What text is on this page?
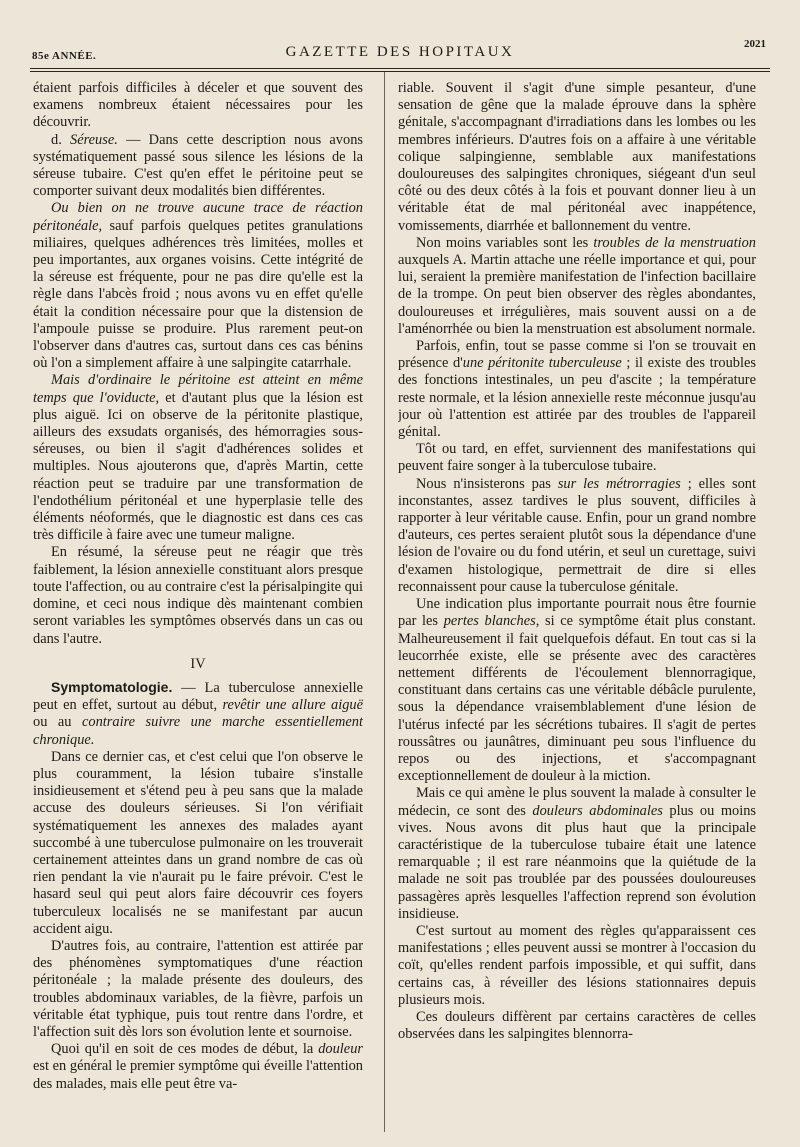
85e ANNÉE.	GAZETTE DES HOPITAUX	2021

étaient parfois difficiles à déceler et que souvent des examens nombreux étaient nécessaires pour les découvrir.

d. Séreuse. — Dans cette description nous avons systématiquement passé sous silence les lésions de la séreuse tubaire. C'est qu'en effet le péritoine peut se comporter suivant deux modalités bien différentes.

Ou bien on ne trouve aucune trace de réaction péritonéale, sauf parfois quelques petites granulations miliaires, quelques adhérences très limitées, molles et peu importantes, aux organes voisins. Cette intégrité de la séreuse est fréquente, pour ne pas dire qu'elle est la règle dans l'abcès froid ; nous avons vu en effet qu'elle était la condition nécessaire pour que la distension de l'ampoule puisse se produire. Plus rarement peut-on l'observer dans d'autres cas, surtout dans ces cas bénins où l'on a simplement affaire à une salpingite catarrhale.

Mais d'ordinaire le péritoine est atteint en même temps que l'oviducte, et d'autant plus que la lésion est plus aiguë. Ici on observe de la péritonite plastique, ailleurs des exsudats organisés, des hémorragies sous-séreuses, ou bien il s'agit d'adhérences solides et multiples. Nous ajouterons que, d'après Martin, cette réaction peut se traduire par une transformation de l'endothélium péritonéal et une hyperplasie telle des éléments néoformés, que le diagnostic est dans ces cas très difficile à faire avec une tumeur maligne.

En résumé, la séreuse peut ne réagir que très faiblement, la lésion annexielle constituant alors presque toute l'affection, ou au contraire c'est la périsalpingite qui domine, et ceci nous indique dès maintenant combien seront variables les symptômes observés dans un cas ou dans l'autre.

IV

Symptomatologie. — La tuberculose annexielle peut en effet, surtout au début, revêtir une allure aiguë ou au contraire suivre une marche essentiellement chronique.

Dans ce dernier cas, et c'est celui que l'on observe le plus couramment, la lésion tubaire s'installe insidieusement et s'étend peu à peu sans que la malade accuse des douleurs sérieuses. Si l'on vérifiait systématiquement les annexes des malades ayant succombé à une tuberculose pulmonaire on les trouverait certainement atteintes dans un grand nombre de cas où rien pendant la vie n'aurait pu le faire prévoir. C'est le hasard seul qui peut alors faire découvrir ces foyers tuberculeux localisés ne se manifestant par aucun accident aigu.

D'autres fois, au contraire, l'attention est attirée par des phénomènes symptomatiques d'une réaction péritonéale ; la malade présente des douleurs, des troubles abdominaux variables, de la fièvre, parfois un véritable état typhique, puis tout rentre dans l'ordre, et l'affection suit dès lors son évolution lente et sournoise.

Quoi qu'il en soit de ces modes de début, la douleur est en général le premier symptôme qui éveille l'attention des malades, mais elle peut être va-

riable. Souvent il s'agit d'une simple pesanteur, d'une sensation de gêne que la malade éprouve dans la sphère génitale, s'accompagnant d'irradiations dans les lombes ou les membres inférieurs. D'autres fois on a affaire à une véritable colique salpingienne, semblable aux manifestations douloureuses des salpingites chroniques, siégeant d'un seul côté ou des deux côtés à la fois et pouvant donner lieu à un véritable état de mal péritonéal avec inappétence, vomissements, diarrhée et ballonnement du ventre.

Non moins variables sont les troubles de la menstruation auxquels A. Martin attache une réelle importance et qui, pour lui, seraient la première manifestation de l'infection bacillaire de la trompe. On peut bien observer des règles abondantes, douloureuses et irrégulières, mais souvent aussi on a de l'aménorrhée ou bien la menstruation est absolument normale.

Parfois, enfin, tout se passe comme si l'on se trouvait en présence d'une péritonite tuberculeuse ; il existe des troubles des fonctions intestinales, un peu d'ascite ; la température reste normale, et la lésion annexielle reste méconnue jusqu'au jour où l'attention est attirée par des troubles de l'appareil génital.

Tôt ou tard, en effet, surviennent des manifestations qui peuvent faire songer à la tuberculose tubaire.

Nous n'insisterons pas sur les métrorragies ; elles sont inconstantes, assez tardives le plus souvent, difficiles à rapporter à leur véritable cause. Enfin, pour un grand nombre d'auteurs, ces pertes seraient plutôt sous la dépendance d'une lésion de l'ovaire ou du fond utérin, et seul un curettage, suivi d'examen histologique, permettrait de dire si elles reconnaissent pour cause la tuberculose génitale.

Une indication plus importante pourrait nous être fournie par les pertes blanches, si ce symptôme était plus constant. Malheureusement il fait quelquefois défaut. En tout cas si la leucorrhée existe, elle se présente avec des caractères nettement différents de l'écoulement blennorragique, constituant dans certains cas une véritable débâcle purulente, sous la dépendance vraisemblablement d'une lésion de l'utérus infecté par les sécrétions tubaires. Il s'agit de pertes roussâtres ou jaunâtres, diminuant peu sous l'influence du repos ou des injections, et s'accompagnant exceptionnellement de douleur à la miction.

Mais ce qui amène le plus souvent la malade à consulter le médecin, ce sont des douleurs abdominales plus ou moins vives. Nous avons dit plus haut que la principale caractéristique de la tuberculose tubaire était une latence remarquable ; il est rare néanmoins que la quiétude de la malade ne soit pas troublée par des poussées douloureuses passagères après lesquelles l'affection reprend son évolution insidieuse.

C'est surtout au moment des règles qu'apparaissent ces manifestations ; elles peuvent aussi se montrer à l'occasion du coït, qu'elles rendent parfois impossible, et qui suffit, dans certains cas, à réveiller des lésions stationnaires depuis plusieurs mois.

Ces douleurs diffèrent par certains caractères de celles observées dans les salpingites blennorra-
